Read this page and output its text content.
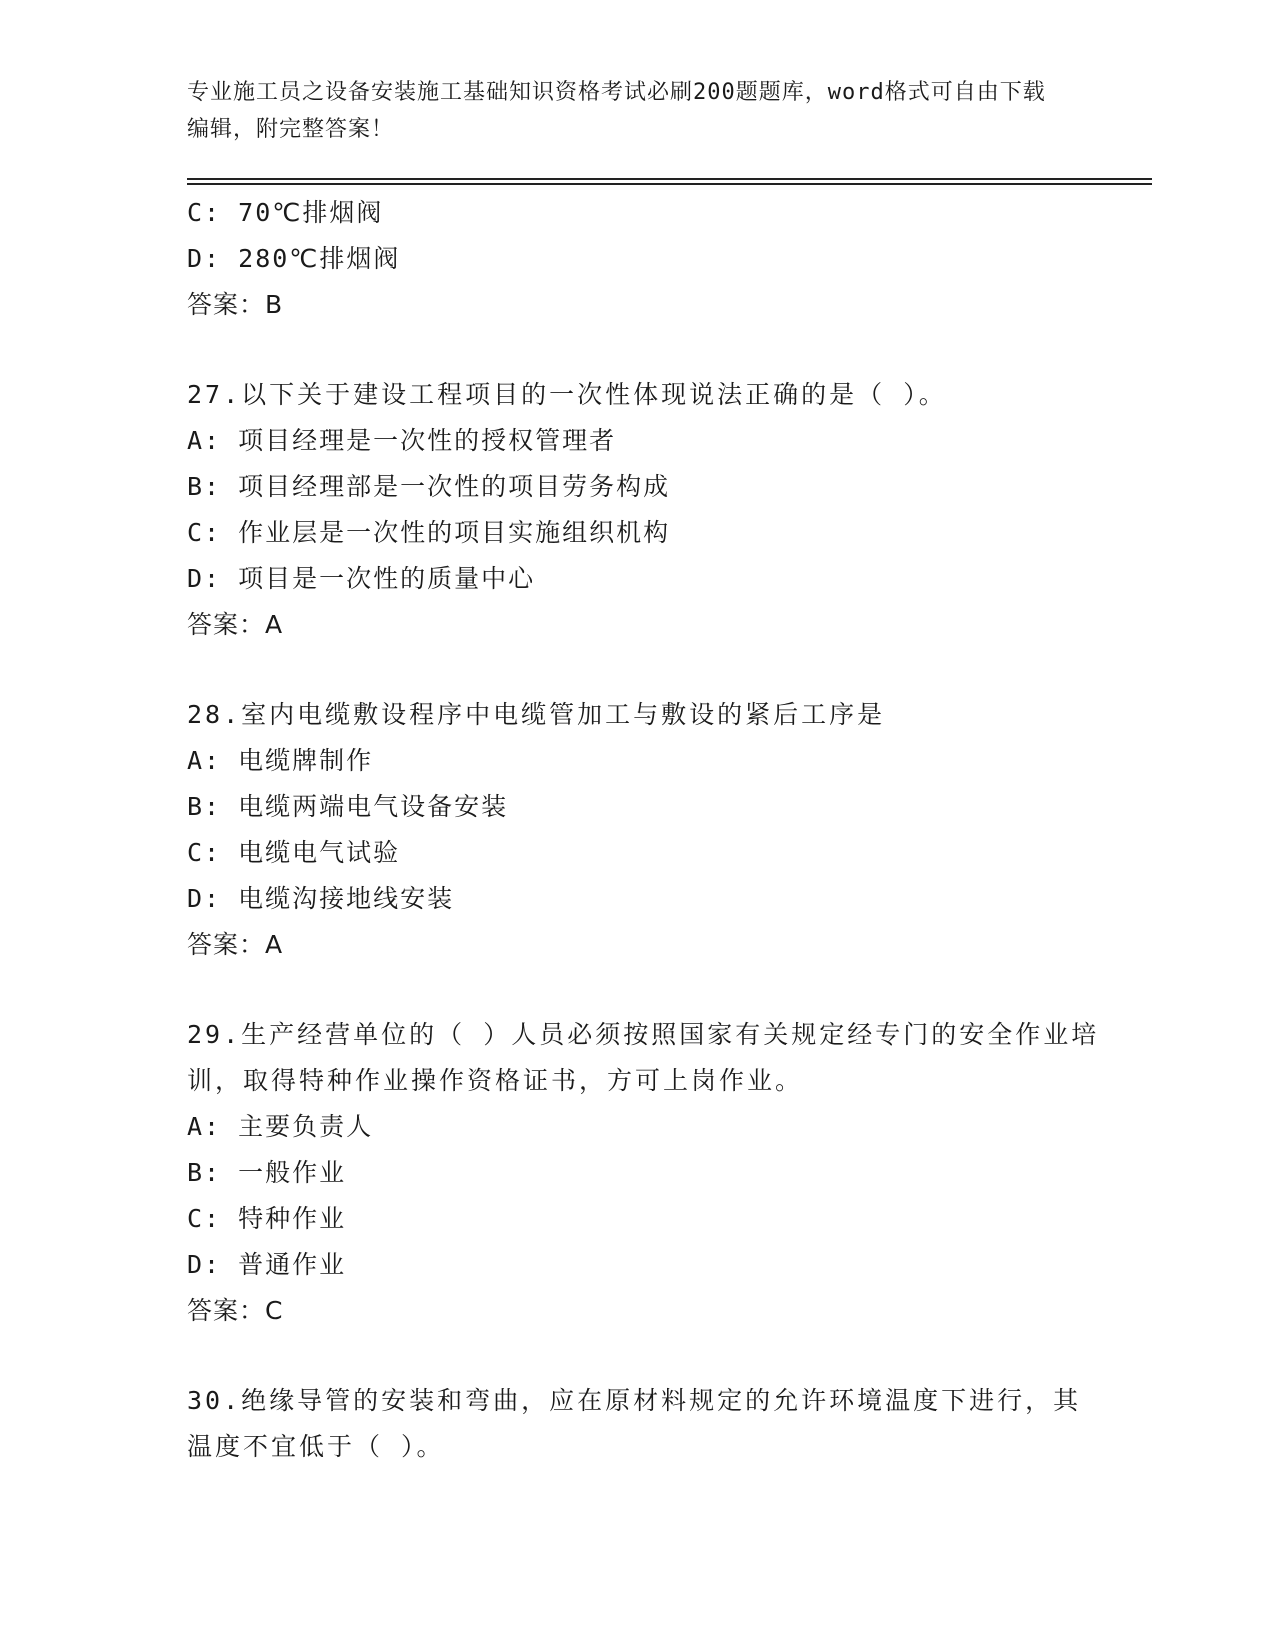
专业施工员之设备安装施工基础知识资格考试必刷200题题库，word格式可自由下载编辑，附完整答案！
C: 70℃排烟阀
D: 280℃排烟阀
答案：B
27.以下关于建设工程项目的一次性体现说法正确的是（ ）。
A: 项目经理是一次性的授权管理者
B: 项目经理部是一次性的项目劳务构成
C: 作业层是一次性的项目实施组织机构
D: 项目是一次性的质量中心
答案：A
28.室内电缆敷设程序中电缆管加工与敷设的紧后工序是
A: 电缆牌制作
B: 电缆两端电气设备安装
C: 电缆电气试验
D: 电缆沟接地线安装
答案：A
29.生产经营单位的（ ）人员必须按照国家有关规定经专门的安全作业培训，取得特种作业操作资格证书，方可上岗作业。
A: 主要负责人
B: 一般作业
C: 特种作业
D: 普通作业
答案：C
30.绝缘导管的安装和弯曲，应在原材料规定的允许环境温度下进行，其温度不宜低于（ ）。
